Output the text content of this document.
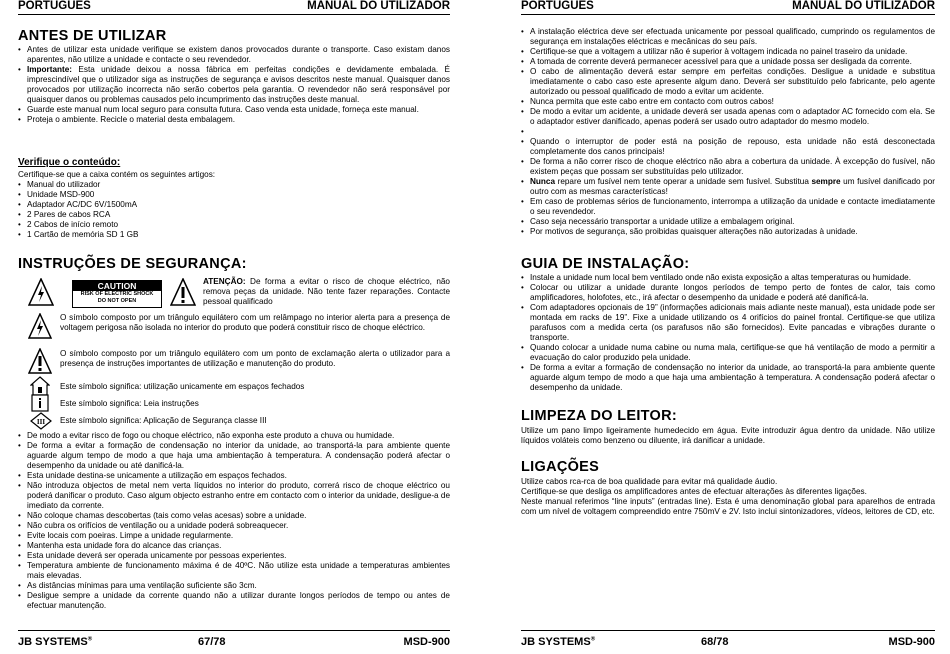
PORTUGUÊS	MANUAL DO UTILIZADOR
ANTES DE UTILIZAR
• Antes de utilizar esta unidade verifique se existem danos provocados durante o transporte. Caso existam danos aparentes, não utilize a unidade e contacte o seu revendedor.
• Importante: Esta unidade deixou a nossa fábrica em perfeitas condições e devidamente embalada. É imprescindível que o utilizador siga as instruções de segurança e avisos descritos neste manual. Quaisquer danos provocados por utilização incorrecta não serão cobertos pela garantia. O revendedor não será responsável por quaisquer danos ou problemas causados pelo incumprimento das instruções deste manual.
• Guarde este manual num local seguro para consulta futura. Caso venda esta unidade, forneça este manual.
• Proteja o ambiente. Recicle o material desta embalagem.
Verifique o conteúdo:

Certifique-se que a caixa contém os seguintes artigos:

• Manual do utilizador
• Unidade MSD-900
• Adaptador AC/DC 6V/1500mA
• 2 Pares de cabos RCA
• 2 Cabos de início remoto
• 1 Cartão de memória SD 1 GB
INSTRUÇÕES DE SEGURANÇA:
CAUTION
RISK OF ELECTRIC SHOCK
DO NOT OPEN

ATENÇÃO: De forma a evitar o risco de choque eléctrico, não remova peças da unidade. Não tente fazer reparações. Contacte pessoal qualificado

O símbolo composto por um triângulo equilátero com um relâmpago no interior alerta para a presença de voltagem perigosa não isolada no interior do produto que poderá constituir risco de choque eléctrico.

O símbolo composto por um triângulo equilátero com um ponto de exclamação alerta o utilizador para a presença de instruções importantes de utilização e manutenção do produto.

Este símbolo significa: utilização unicamente em espaços fechados
Este símbolo significa: Leia instruções
III Este símbolo significa: Aplicação de Segurança classe III
• De modo a evitar risco de fogo ou choque eléctrico, não exponha este produto a chuva ou humidade.
• De forma a evitar a formação de condensação no interior da unidade, ao transportá-la para ambiente quente aguarde algum tempo de modo a que haja uma ambientação à temperatura. A condensação poderá afectar o desempenho da unidade ou até danificá-la.
• Esta unidade destina-se unicamente a utilização em espaços fechados.
• Não introduza objectos de metal nem verta líquidos no interior do produto, correrá risco de choque eléctrico ou poderá danificar o produto. Caso algum objecto estranho entre em contacto com o interior da unidade, desligue-a de imediato da corrente.
• Não coloque chamas descobertas (tais como velas acesas) sobre a unidade.
• Não cubra os orifícios de ventilação ou a unidade poderá sobreaquecer.
• Evite locais com poeiras. Limpe a unidade regularmente.
• Mantenha esta unidade fora do alcance das crianças.
• Esta unidade deverá ser operada unicamente por pessoas experientes.
• Temperatura ambiente de funcionamento máxima é de 40ºC. Não utilize esta unidade a temperaturas ambientes mais elevadas.
• As distâncias mínimas para uma ventilação suficiente são 3cm.
• Desligue sempre a unidade da corrente quando não a utilizar durante longos períodos de tempo ou antes de efectuar manutenção.
JB SYSTEMS®	67/78	MSD-900
PORTUGUÊS	MANUAL DO UTILIZADOR
• A instalação eléctrica deve ser efectuada unicamente por pessoal qualificado, cumprindo os regulamentos de segurança em instalações eléctricas e mecânicas do seu país.
• Certifique-se que a voltagem a utilizar não é superior à voltagem indicada no painel traseiro da unidade.
• A tomada de corrente deverá permanecer acessível para que a unidade possa ser desligada da corrente.
• O cabo de alimentação deverá estar sempre em perfeitas condições. Desligue a unidade e substitua imediatamente o cabo caso este apresente algum dano. Deverá ser substituído pelo fabricante, pelo agente autorizado ou pessoal qualificado de modo a evitar um acidente.
• Nunca permita que este cabo entre em contacto com outros cabos!
• De modo a evitar um acidente, a unidade deverá ser usada apenas com o adaptador AC fornecido com ela. Se o adaptador estiver danificado, apenas poderá ser usado outro adaptador do mesmo modelo.
•
• Quando o interruptor de poder está na posição de repouso, esta unidade não está desconectada completamente dos canos principais!
• De forma a não correr risco de choque eléctrico não abra a cobertura da unidade. À excepção do fusível, não existem peças que possam ser substituídas pelo utilizador.
• Nunca repare um fusível nem tente operar a unidade sem fusível. Substitua sempre um fusível danificado por outro com as mesmas características!
• Em caso de problemas sérios de funcionamento, interrompa a utilização da unidade e contacte imediatamente o seu revendedor.
• Caso seja necessário transportar a unidade utilize a embalagem original.
• Por motivos de segurança, são proibidas quaisquer alterações não autorizadas à unidade.
GUIA DE INSTALAÇÃO:
• Instale a unidade num local bem ventilado onde não exista exposição a altas temperaturas ou humidade.
• Colocar ou utilizar a unidade durante longos períodos de tempo perto de fontes de calor, tais como amplificadores, holofotes, etc., irá afectar o desempenho da unidade e poderá até danificá-la.
• Com adaptadores opcionais de 19” (informações adicionais mais adiante neste manual), esta unidade pode ser montada em racks de 19”. Fixe a unidade utilizando os 4 orifícios do painel frontal. Certifique-se que utiliza parafusos com a medida certa (os parafusos não são fornecidos). Evite pancadas e vibrações durante o transporte.
• Quando colocar a unidade numa cabine ou numa mala, certifique-se que há ventilação de modo a permitir a evacuação do calor produzido pela unidade.
• De forma a evitar a formação de condensação no interior da unidade, ao transportá-la para ambiente quente aguarde algum tempo de modo a que haja uma ambientação à temperatura. A condensação poderá afectar o desempenho da unidade.
LIMPEZA DO LEITOR:

Utilize um pano limpo ligeiramente humedecido em água. Evite introduzir água dentro da unidade. Não utilize líquidos voláteis como benzeno ou diluente, irá danificar a unidade.

LIGAÇÕES

Utilize cabos rca-rca de boa qualidade para evitar má qualidade áudio.

Certifique-se que desliga os amplificadores antes de efectuar alterações às diferentes ligações.

Neste manual referimos “line inputs” (entradas line). Esta é uma denominação global para aparelhos de entrada com um nível de voltagem compreendido entre 750mV e 2V. Isto inclui sintonizadores, vídeos, leitores de CD, etc.

JB SYSTEMS®	68/78	MSD-900
